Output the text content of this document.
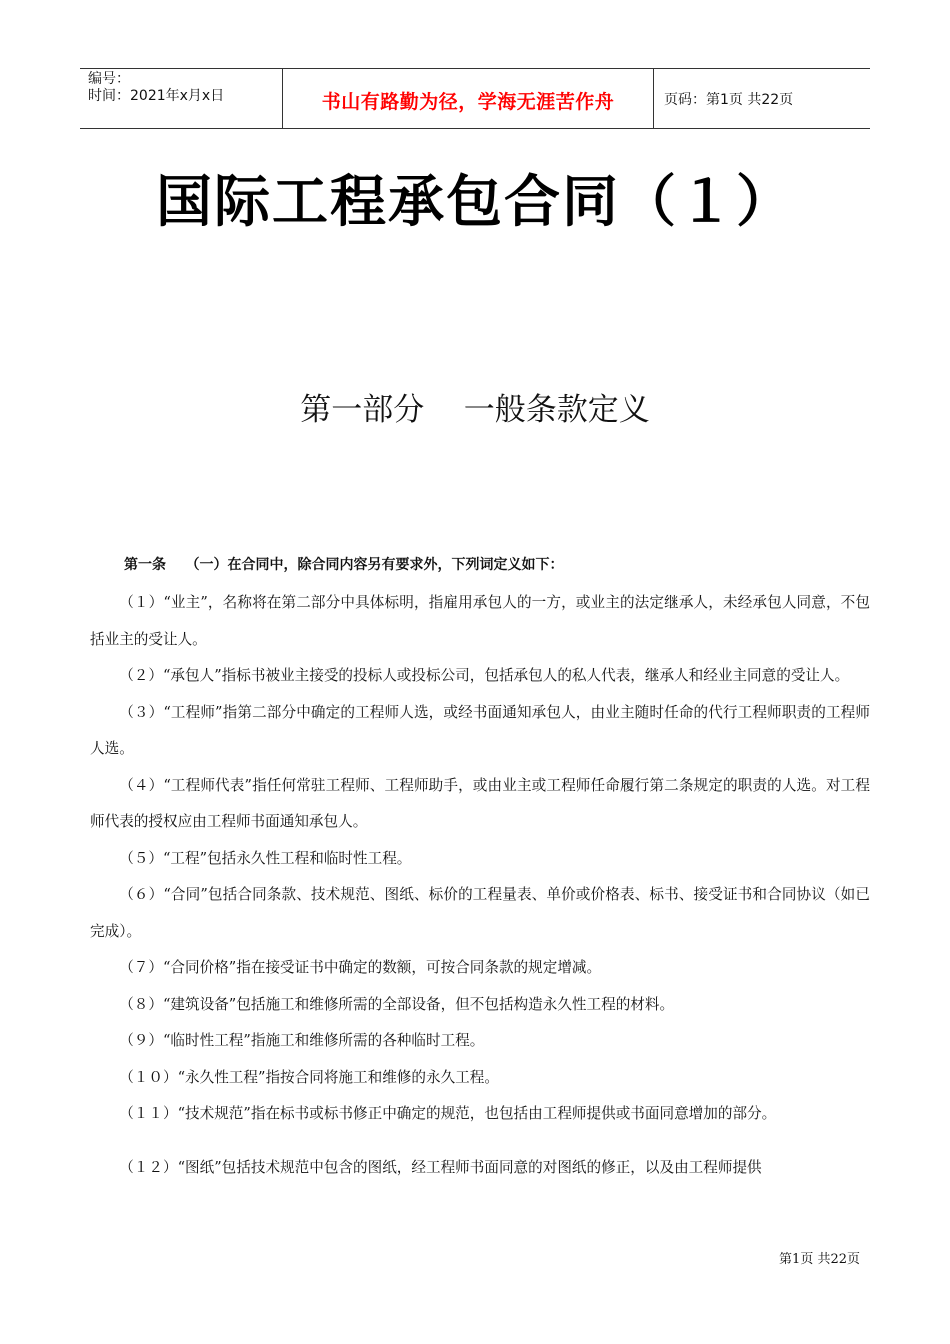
编号：
时间：2021年x月x日	书山有路勤为径，学海无涯苦作舟	页码：第1页 共22页
国际工程承包合同（１）
第一部分    一般条款定义
第一条    （一）在合同中，除合同内容另有要求外，下列词定义如下：

（１）“业主”，名称将在第二部分中具体标明，指雇用承包人的一方，或业主的法定继承人，未经承包人同意，不包括业主的受让人。

（２）“承包人”指标书被业主接受的投标人或投标公司，包括承包人的私人代表，继承人和经业主同意的受让人。

（３）“工程师”指第二部分中确定的工程师人选，或经书面通知承包人，由业主随时任命的代行工程师职责的工程师人选。

（４）“工程师代表”指任何常驻工程师、工程师助手，或由业主或工程师任命履行第二条规定的职责的人选。对工程师代表的授权应由工程师书面通知承包人。

（５）“工程”包括永久性工程和临时性工程。

（６）“合同”包括合同条款、技术规范、图纸、标价的工程量表、单价或价格表、标书、接受证书和合同协议（如已完成）。

（７）“合同价格”指在接受证书中确定的数额，可按合同条款的规定增减。

（８）“建筑设备”包括施工和维修所需的全部设备，但不包括构造永久性工程的材料。

（９）“临时性工程”指施工和维修所需的各种临时工程。

（１０）“永久性工程”指按合同将施工和维修的永久工程。

（１１）“技术规范”指在标书或标书修正中确定的规范，也包括由工程师提供或书面同意增加的部分。

（１２）“图纸”包括技术规范中包含的图纸，经工程师书面同意的对图纸的修正，以及由工程师提供

第1页 共22页
